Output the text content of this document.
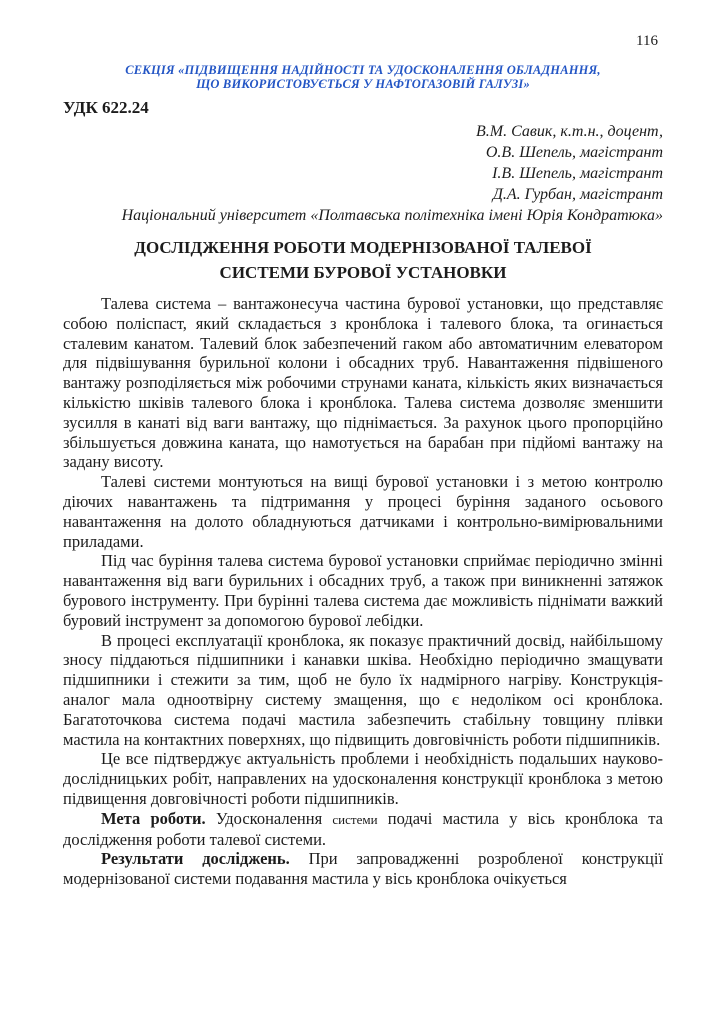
116
СЕКЦІЯ «ПІДВИЩЕННЯ НАДІЙНОСТІ ТА УДОСКОНАЛЕННЯ ОБЛАДНАННЯ,
ЩО ВИКОРИСТОВУЄТЬСЯ У НАФТОГАЗОВІЙ ГАЛУЗІ»
УДК 622.24
В.М. Савик, к.т.н., доцент,
О.В. Шепель, магістрант
І.В. Шепель, магістрант
Д.А. Гурбан, магістрант
Національний університет «Полтавська політехніка імені Юрія Кондратюка»
ДОСЛІДЖЕННЯ РОБОТИ МОДЕРНІЗОВАНОЇ ТАЛЕВОЇ
СИСТЕМИ БУРОВОЇ УСТАНОВКИ

Талева система – вантажонесуча частина бурової установки, що представляє собою поліспаст, який складається з кронблока і талевого блока, та огинається сталевим канатом. Талевий блок забезпечений гаком або автоматичним елеватором для підвішування бурильної колони і обсадних труб. Навантаження підвішеного вантажу розподіляється між робочими струнами каната, кількість яких визначається кількістю шківів талевого блока і кронблока. Талева система дозволяє зменшити зусилля в канаті від ваги вантажу, що піднімається. За рахунок цього пропорційно збільшується довжина каната, що намотується на барабан при підйомі вантажу на задану висоту.

Талеві системи монтуються на вищі бурової установки і з метою контролю діючих навантажень та підтримання у процесі буріння заданого осьового навантаження на долото обладнуються датчиками і контрольно-вимірювальними приладами.

Під час буріння талева система бурової установки сприймає періодично змінні навантаження від ваги бурильних і обсадних труб, а також при виникненні затяжок бурового інструменту. При бурінні талева система дає можливість піднімати важкий буровий інструмент за допомогою бурової лебідки.

В процесі експлуатації кронблока, як показує практичний досвід, найбільшому зносу піддаються підшипники і канавки шківа. Необхідно періодично змащувати підшипники і стежити за тим, щоб не було їх надмірного нагріву. Конструкція-аналог мала одноотвірну систему змащення, що є недоліком осі кронблока. Багатоточкова система подачі мастила забезпечить стабільну товщину плівки мастила на контактних поверхнях, що підвищить довговічність роботи підшипників.

Це все підтверджує актуальність проблеми і необхідність подальших науково-дослідницьких робіт, направлених на удосконалення конструкції кронблока з метою підвищення довговічності роботи підшипників.

Мета роботи. Удосконалення системи подачі мастила у вісь кронблока та дослідження роботи талевої системи.

Результати досліджень. При запровадженні розробленої конструкції модернізованої системи подавання мастила у вісь кронблока очікується
